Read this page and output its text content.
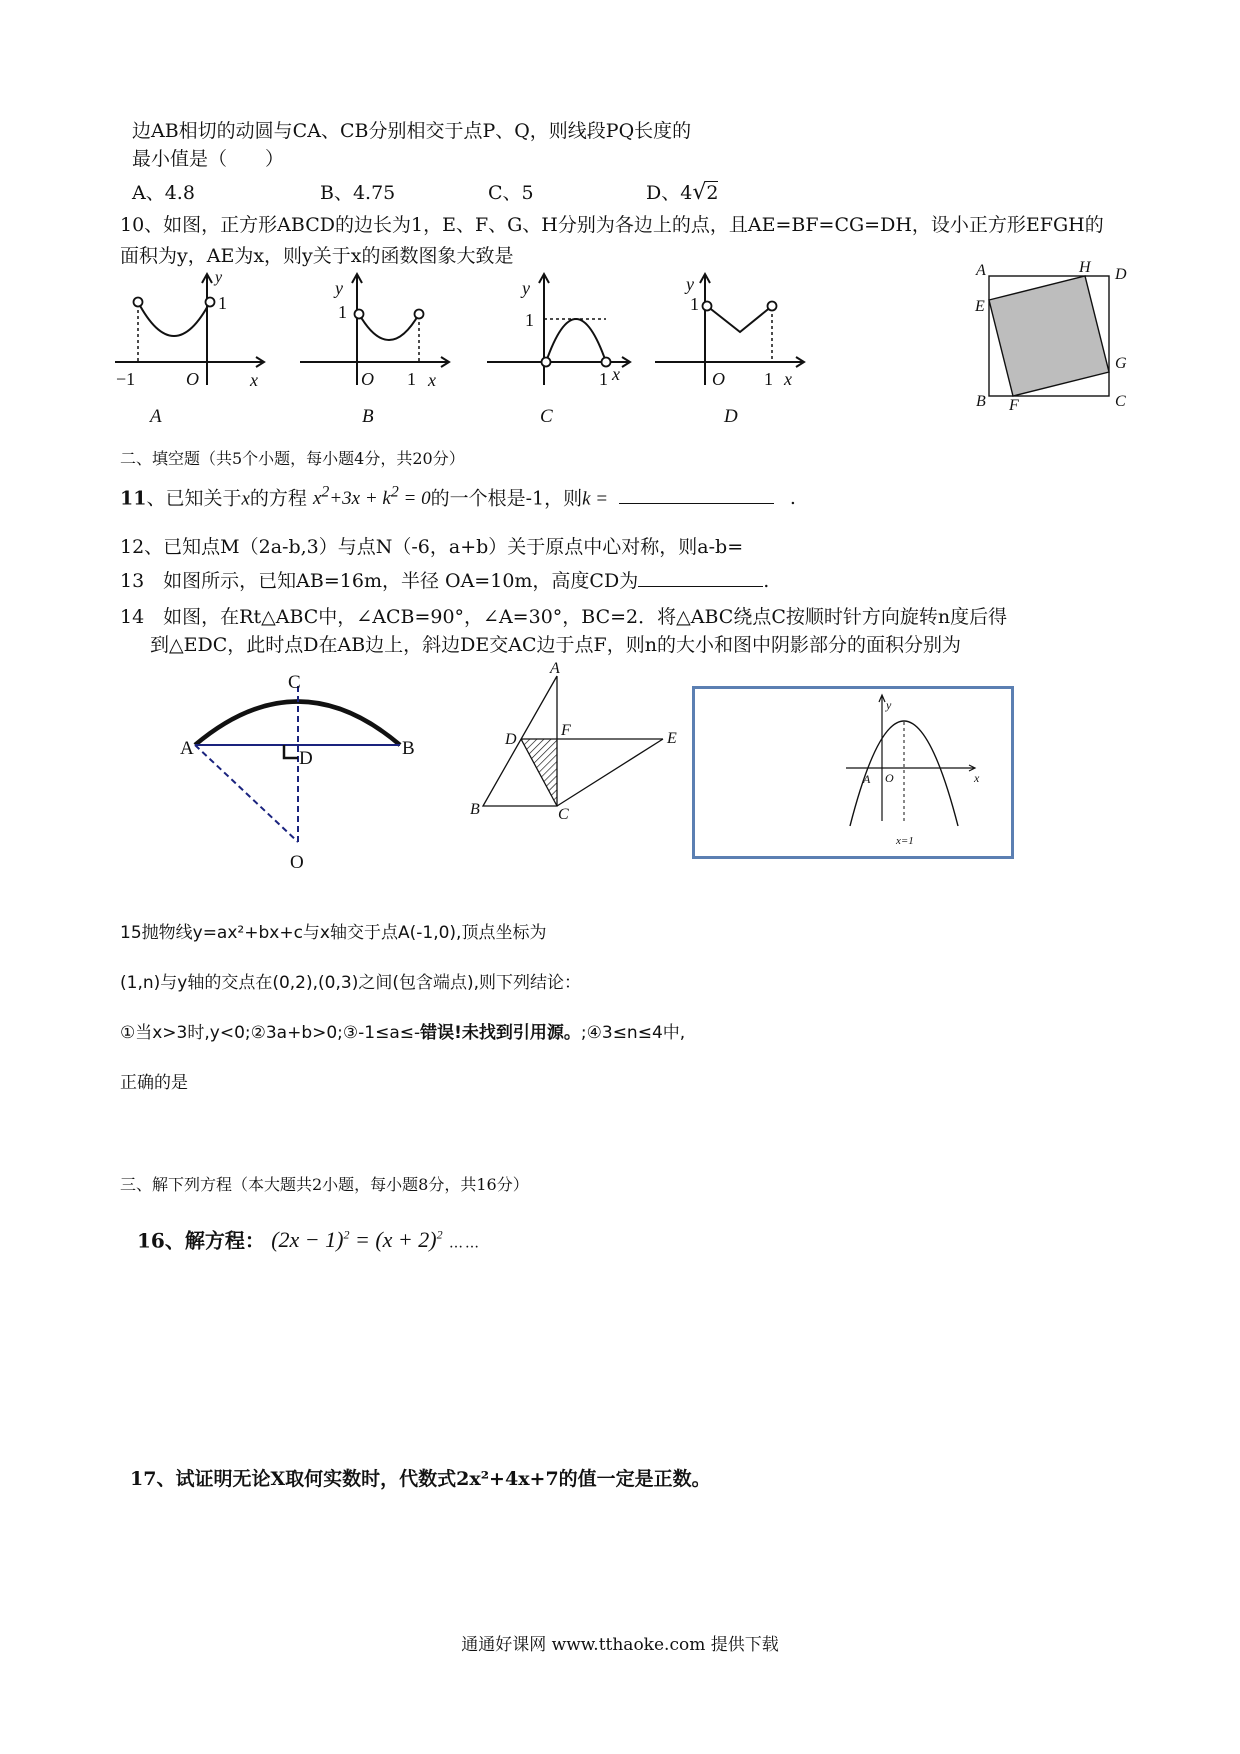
边AB相切的动圆与CA、CB分别相交于点P、Q，则线段PQ长度的
最小值是（　　）
A、4.8	B、4.75	C、5	D、4√2
10、如图，正方形ABCD的边长为1，E、F、G、H分别为各边上的点，且AE=BF=CG=DH，设小正方形EFGH的
面积为y，AE为x，则y关于x的函数图象大致是
−1	O	x
y
1
A
1
y
O 1 x
B
y
1
1 x
C
y
1
O 1 x
D
A	H D
E
G
B F	C
二、填空题（共5个小题，每小题4分，共20分）
11、已知关于x的方程 $x^2+3x + k^2 = 0$的一个根是-1，则k =	.
12、已知点M（2a-b,3）与点N（-6，a+b）关于原点中心对称，则a-b=
13　如图所示，已知AB=16m，半径 OA=10m，高度CD为	.
14　如图，在Rt△ABC中，∠ACB=90°，∠A=30°，BC=2．将△ABC绕点C按顺时针方向旋转n度后得
到△EDC，此时点D在AB边上，斜边DE交AC边于点F，则n的大小和图中阴影部分的面积分别为
C
A	B
D
O
A
D
F	E
B	C
y
x
A O
x=1
15抛物线y=ax²+bx+c与x轴交于点A(-1,0),顶点坐标为
(1,n)与y轴的交点在(0,2),(0,3)之间(包含端点),则下列结论：
①当x>3时,y<0;②3a+b>0;③-1≤a≤-错误!未找到引用源。;④3≤n≤4中,
正确的是
三、解下列方程（本大题共2小题，每小题8分，共16分）
16、解方程： $(2x - 1)^2 = (x + 2)^2$ ……
17、试证明无论X取何实数时，代数式2x²+4x+7的值一定是正数。
通通好课网 www.tthaoke.com 提供下载
